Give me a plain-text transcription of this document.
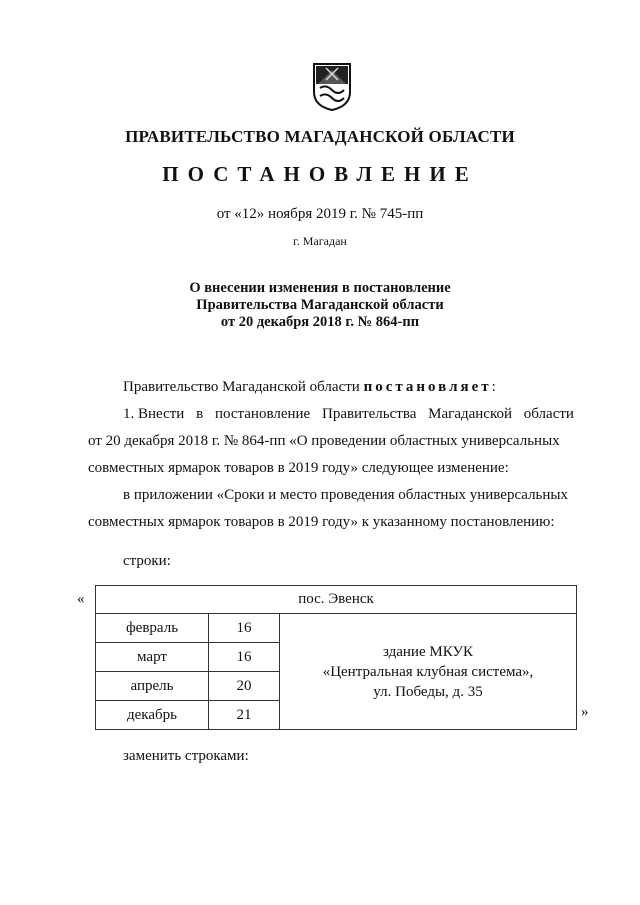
ПРАВИТЕЛЬСТВО МАГАДАНСКОЙ ОБЛАСТИ
ПОСТАНОВЛЕНИЕ
от «12» ноября 2019 г. № 745-пп
г. Магадан
О внесении изменения в постановление
Правительства Магаданской области
от 20 декабря 2018 г. № 864-пп
Правительство Магаданской области постановляет:
1. Внести в постановление Правительства Магаданской области
от 20 декабря 2018 г. № 864-пп «О проведении областных универсальных
совместных ярмарок товаров в 2019 году» следующее изменение:
в приложении «Сроки и место проведения областных универсальных
совместных ярмарок товаров в 2019 году» к указанному постановлению:
строки:
«	пос. Эвенск		
февраль	16	здание МКУК
«Центральная клубная система»,
ул. Победы, д. 35

март	16	
апрель	20	
декабрь	21		»
заменить строками:
